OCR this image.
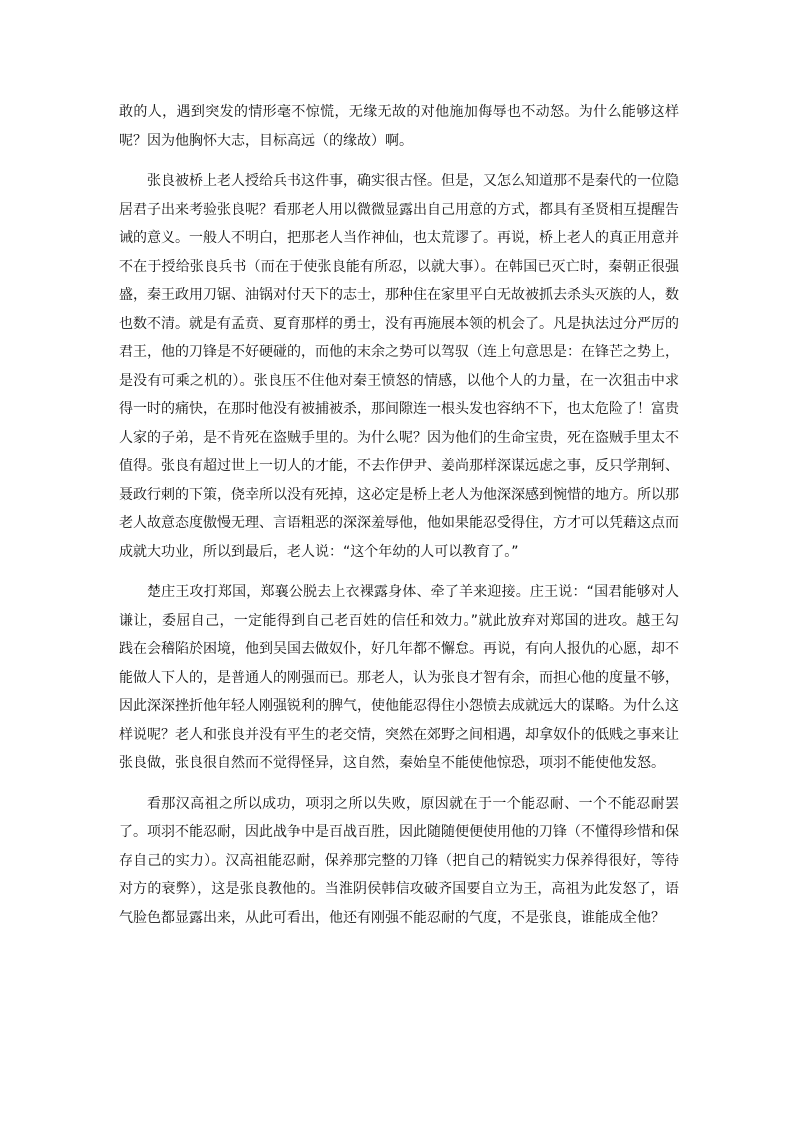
敢的人，遇到突发的情形毫不惊慌，无缘无故的对他施加侮辱也不动怒。为什么能够这样呢？因为他胸怀大志，目标高远（的缘故）啊。

张良被桥上老人授给兵书这件事，确实很古怪。但是，又怎么知道那不是秦代的一位隐居君子出来考验张良呢？看那老人用以微微显露出自己用意的方式，都具有圣贤相互提醒告诫的意义。一般人不明白，把那老人当作神仙，也太荒谬了。再说，桥上老人的真正用意并不在于授给张良兵书（而在于使张良能有所忍，以就大事）。在韩国已灭亡时，秦朝正很强盛，秦王政用刀锯、油锅对付天下的志士，那种住在家里平白无故被抓去杀头灭族的人，数也数不清。就是有孟贲、夏育那样的勇士，没有再施展本领的机会了。凡是执法过分严厉的君王，他的刀锋是不好硬碰的，而他的末余之势可以驾驭（连上句意思是：在锋芒之势上，是没有可乘之机的）。张良压不住他对秦王愤怒的情感，以他个人的力量，在一次狙击中求得一时的痛快，在那时他没有被捕被杀，那间隙连一根头发也容纳不下，也太危险了！富贵人家的子弟，是不肯死在盗贼手里的。为什么呢？因为他们的生命宝贵，死在盗贼手里太不值得。张良有超过世上一切人的才能，不去作伊尹、姜尚那样深谋远虑之事，反只学荆轲、聂政行刺的下策，侥幸所以没有死掉，这必定是桥上老人为他深深感到惋惜的地方。所以那老人故意态度傲慢无理、言语粗恶的深深羞辱他，他如果能忍受得住，方才可以凭藉这点而成就大功业，所以到最后，老人说：“这个年幼的人可以教育了。”

楚庄王攻打郑国，郑襄公脱去上衣裸露身体、牵了羊来迎接。庄王说：“国君能够对人谦让，委屈自己，一定能得到自己老百姓的信任和效力。”就此放弃对郑国的进攻。越王勾践在会稽陷於困境，他到吴国去做奴仆，好几年都不懈怠。再说，有向人报仇的心愿，却不能做人下人的，是普通人的刚强而已。那老人，认为张良才智有余，而担心他的度量不够，因此深深挫折他年轻人刚强锐利的脾气，使他能忍得住小怨愤去成就远大的谋略。为什么这样说呢？老人和张良并没有平生的老交情，突然在郊野之间相遇，却拿奴仆的低贱之事来让张良做，张良很自然而不觉得怪异，这自然，秦始皇不能使他惊恐，项羽不能使他发怒。

看那汉高祖之所以成功，项羽之所以失败，原因就在于一个能忍耐、一个不能忍耐罢了。项羽不能忍耐，因此战争中是百战百胜，因此随随便便使用他的刀锋（不懂得珍惜和保存自己的实力）。汉高祖能忍耐，保养那完整的刀锋（把自己的精锐实力保养得很好，等待对方的衰弊），这是张良教他的。当淮阴侯韩信攻破齐国要自立为王，高祖为此发怒了，语气脸色都显露出来，从此可看出，他还有刚强不能忍耐的气度，不是张良，谁能成全他？
